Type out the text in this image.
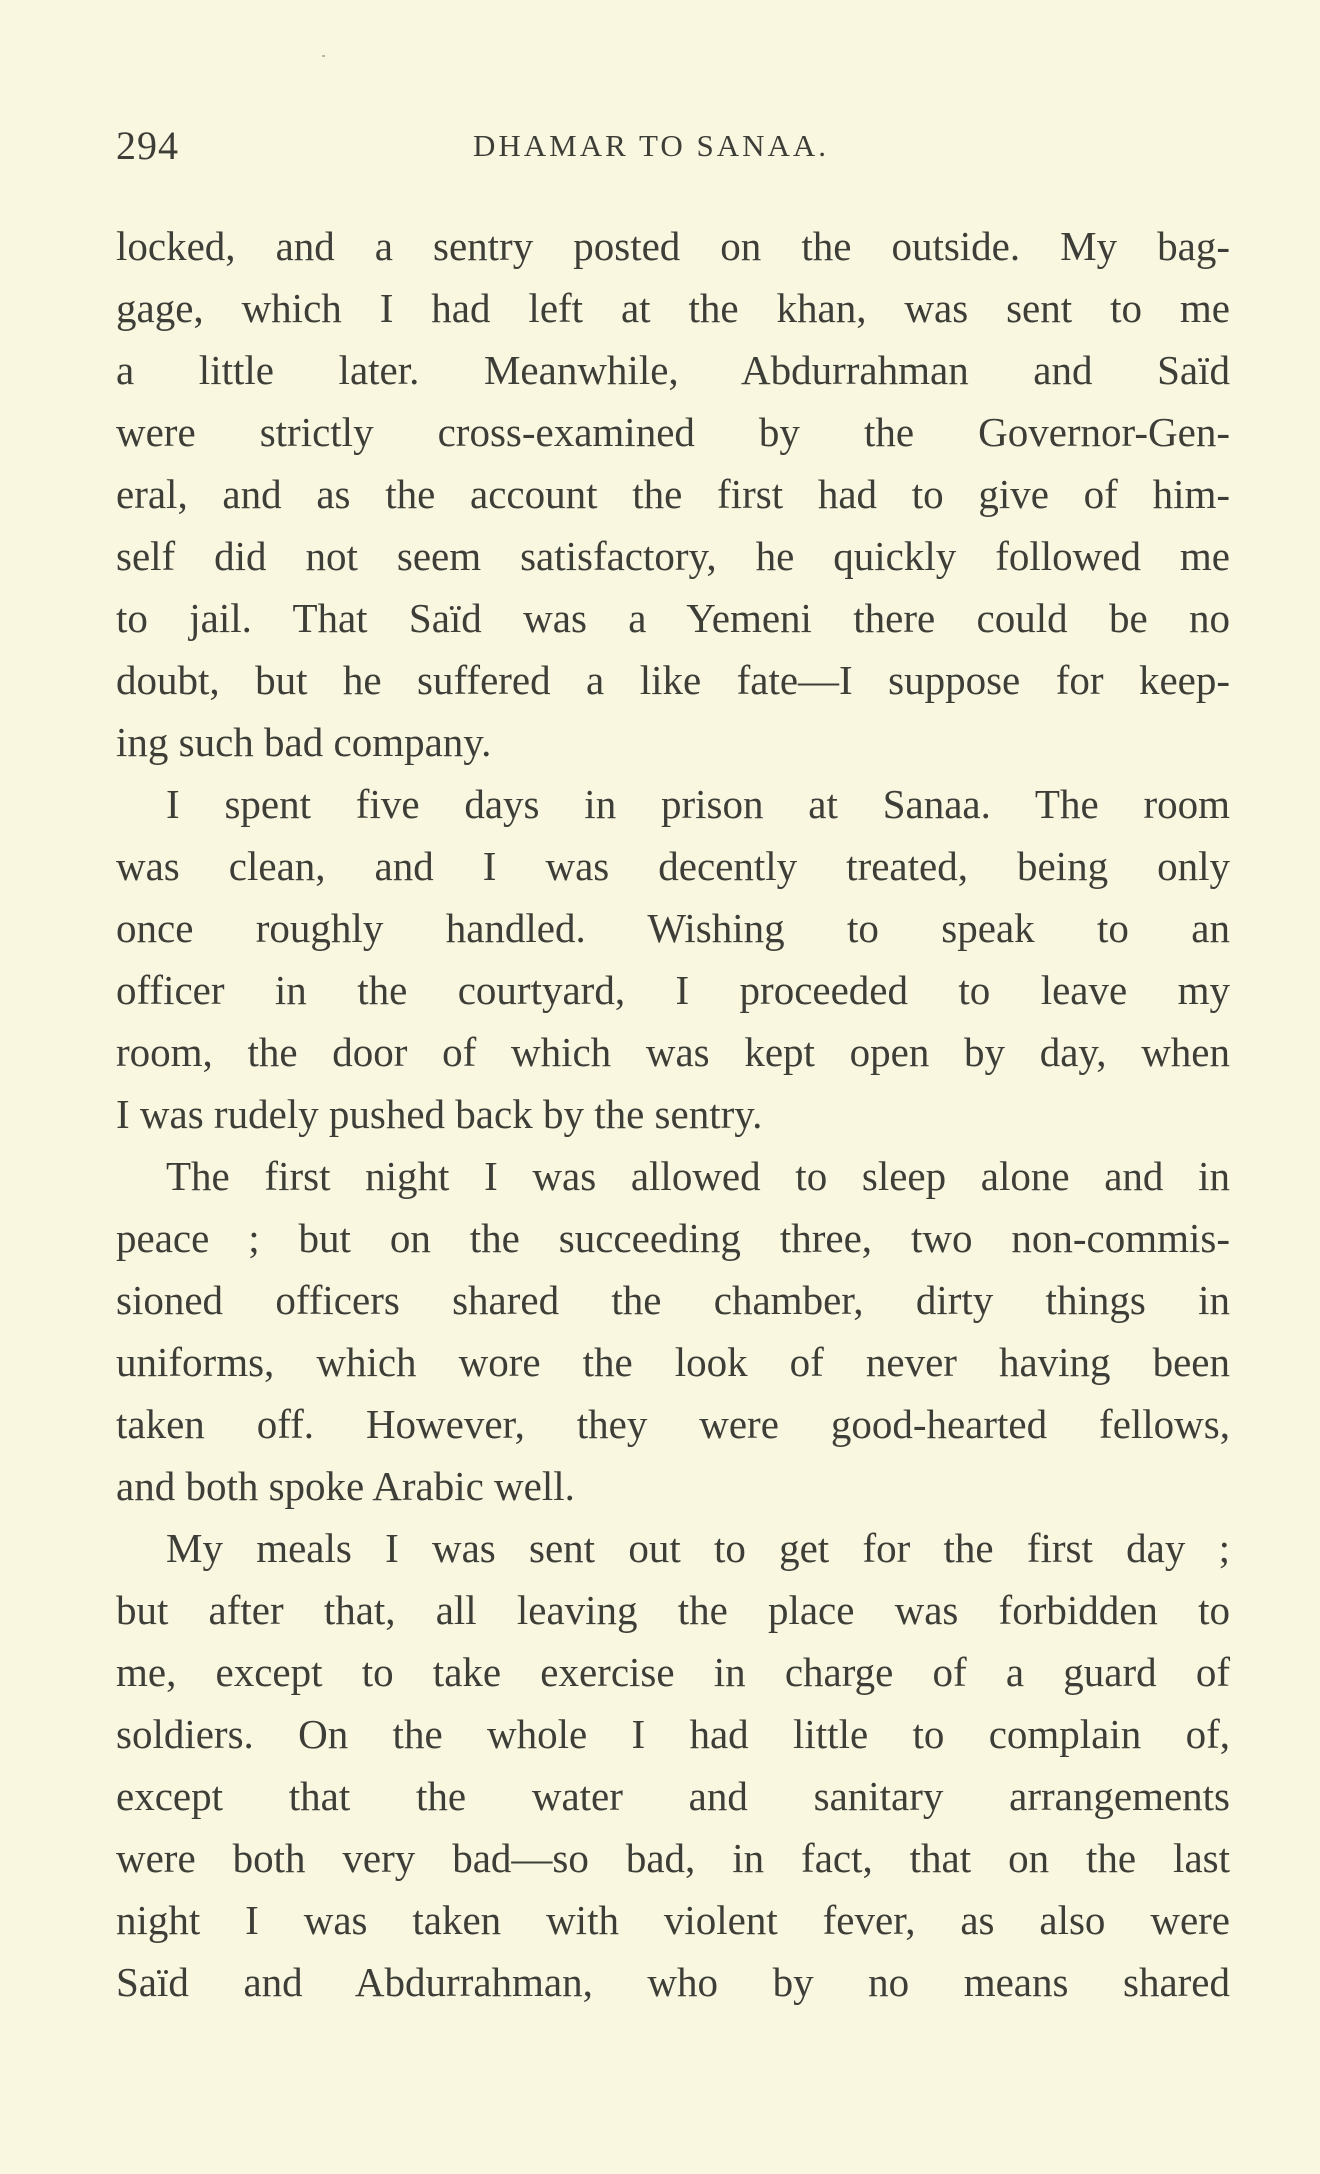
294	DHAMAR TO SANAA.
locked, and a sentry posted on the outside. My bag-
gage, which I had left at the khan, was sent to me
a little later. Meanwhile, Abdurrahman and Saïd
were strictly cross-examined by the Governor-Gen-
eral, and as the account the first had to give of him-
self did not seem satisfactory, he quickly followed me
to jail. That Saïd was a Yemeni there could be no
doubt, but he suffered a like fate—I suppose for keep-
ing such bad company.
I spent five days in prison at Sanaa. The room
was clean, and I was decently treated, being only
once roughly handled. Wishing to speak to an
officer in the courtyard, I proceeded to leave my
room, the door of which was kept open by day, when
I was rudely pushed back by the sentry.
The first night I was allowed to sleep alone and in
peace ; but on the succeeding three, two non-commis-
sioned officers shared the chamber, dirty things in
uniforms, which wore the look of never having been
taken off. However, they were good-hearted fellows,
and both spoke Arabic well.
My meals I was sent out to get for the first day ;
but after that, all leaving the place was forbidden to
me, except to take exercise in charge of a guard of
soldiers. On the whole I had little to complain of,
except that the water and sanitary arrangements
were both very bad—so bad, in fact, that on the last
night I was taken with violent fever, as also were
Saïd and Abdurrahman, who by no means shared
